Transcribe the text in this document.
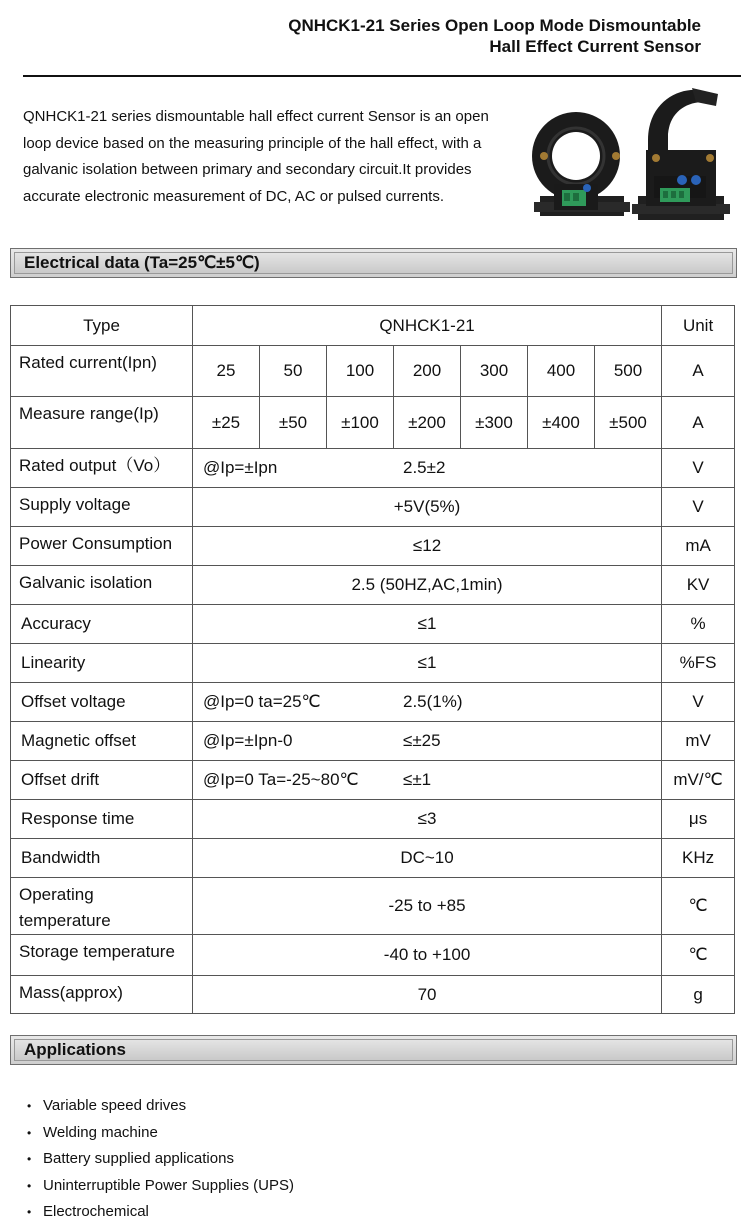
QNHCK1-21 Series Open Loop Mode Dismountable
Hall Effect Current Sensor

QNHCK1-21 series dismountable hall effect current Sensor is an open loop device based on the measuring principle of the hall effect, with a galvanic isolation between primary and secondary circuit.It provides accurate electronic measurement of DC, AC or pulsed currents.

Electrical data (Ta=25℃±5℃)
Type	QNHCK1-21							Unit
Rated current(Ipn)	25	50	100	200	300	400	500	A
Measure range(Ip)	±25	±50	±100	±200	±300	±400	±500	A
Rated output（Vo）	@Ip=±Ipn 2.5±2							V
Supply voltage	+5V(5%)							V
Power Consumption	≤12							mA
Galvanic isolation	2.5 (50HZ,AC,1min)							KV
Accuracy	≤1							%
Linearity	≤1							%FS
Offset voltage	@Ip=0 ta=25℃ 2.5(1%)							V
Magnetic offset	@Ip=±Ipn-0 ≤±25							mV
Offset drift	@Ip=0 Ta=-25~80℃ ≤±1							mV/℃
Response time	≤3							μs
Bandwidth	DC~10							KHz
Operating
temperature	-25 to +85							℃
Storage temperature	-40 to +100							℃
Mass(approx)	70							g
Applications
• Variable speed drives
• Welding machine
• Battery supplied applications
• Uninterruptible Power Supplies (UPS)
• Electrochemical
